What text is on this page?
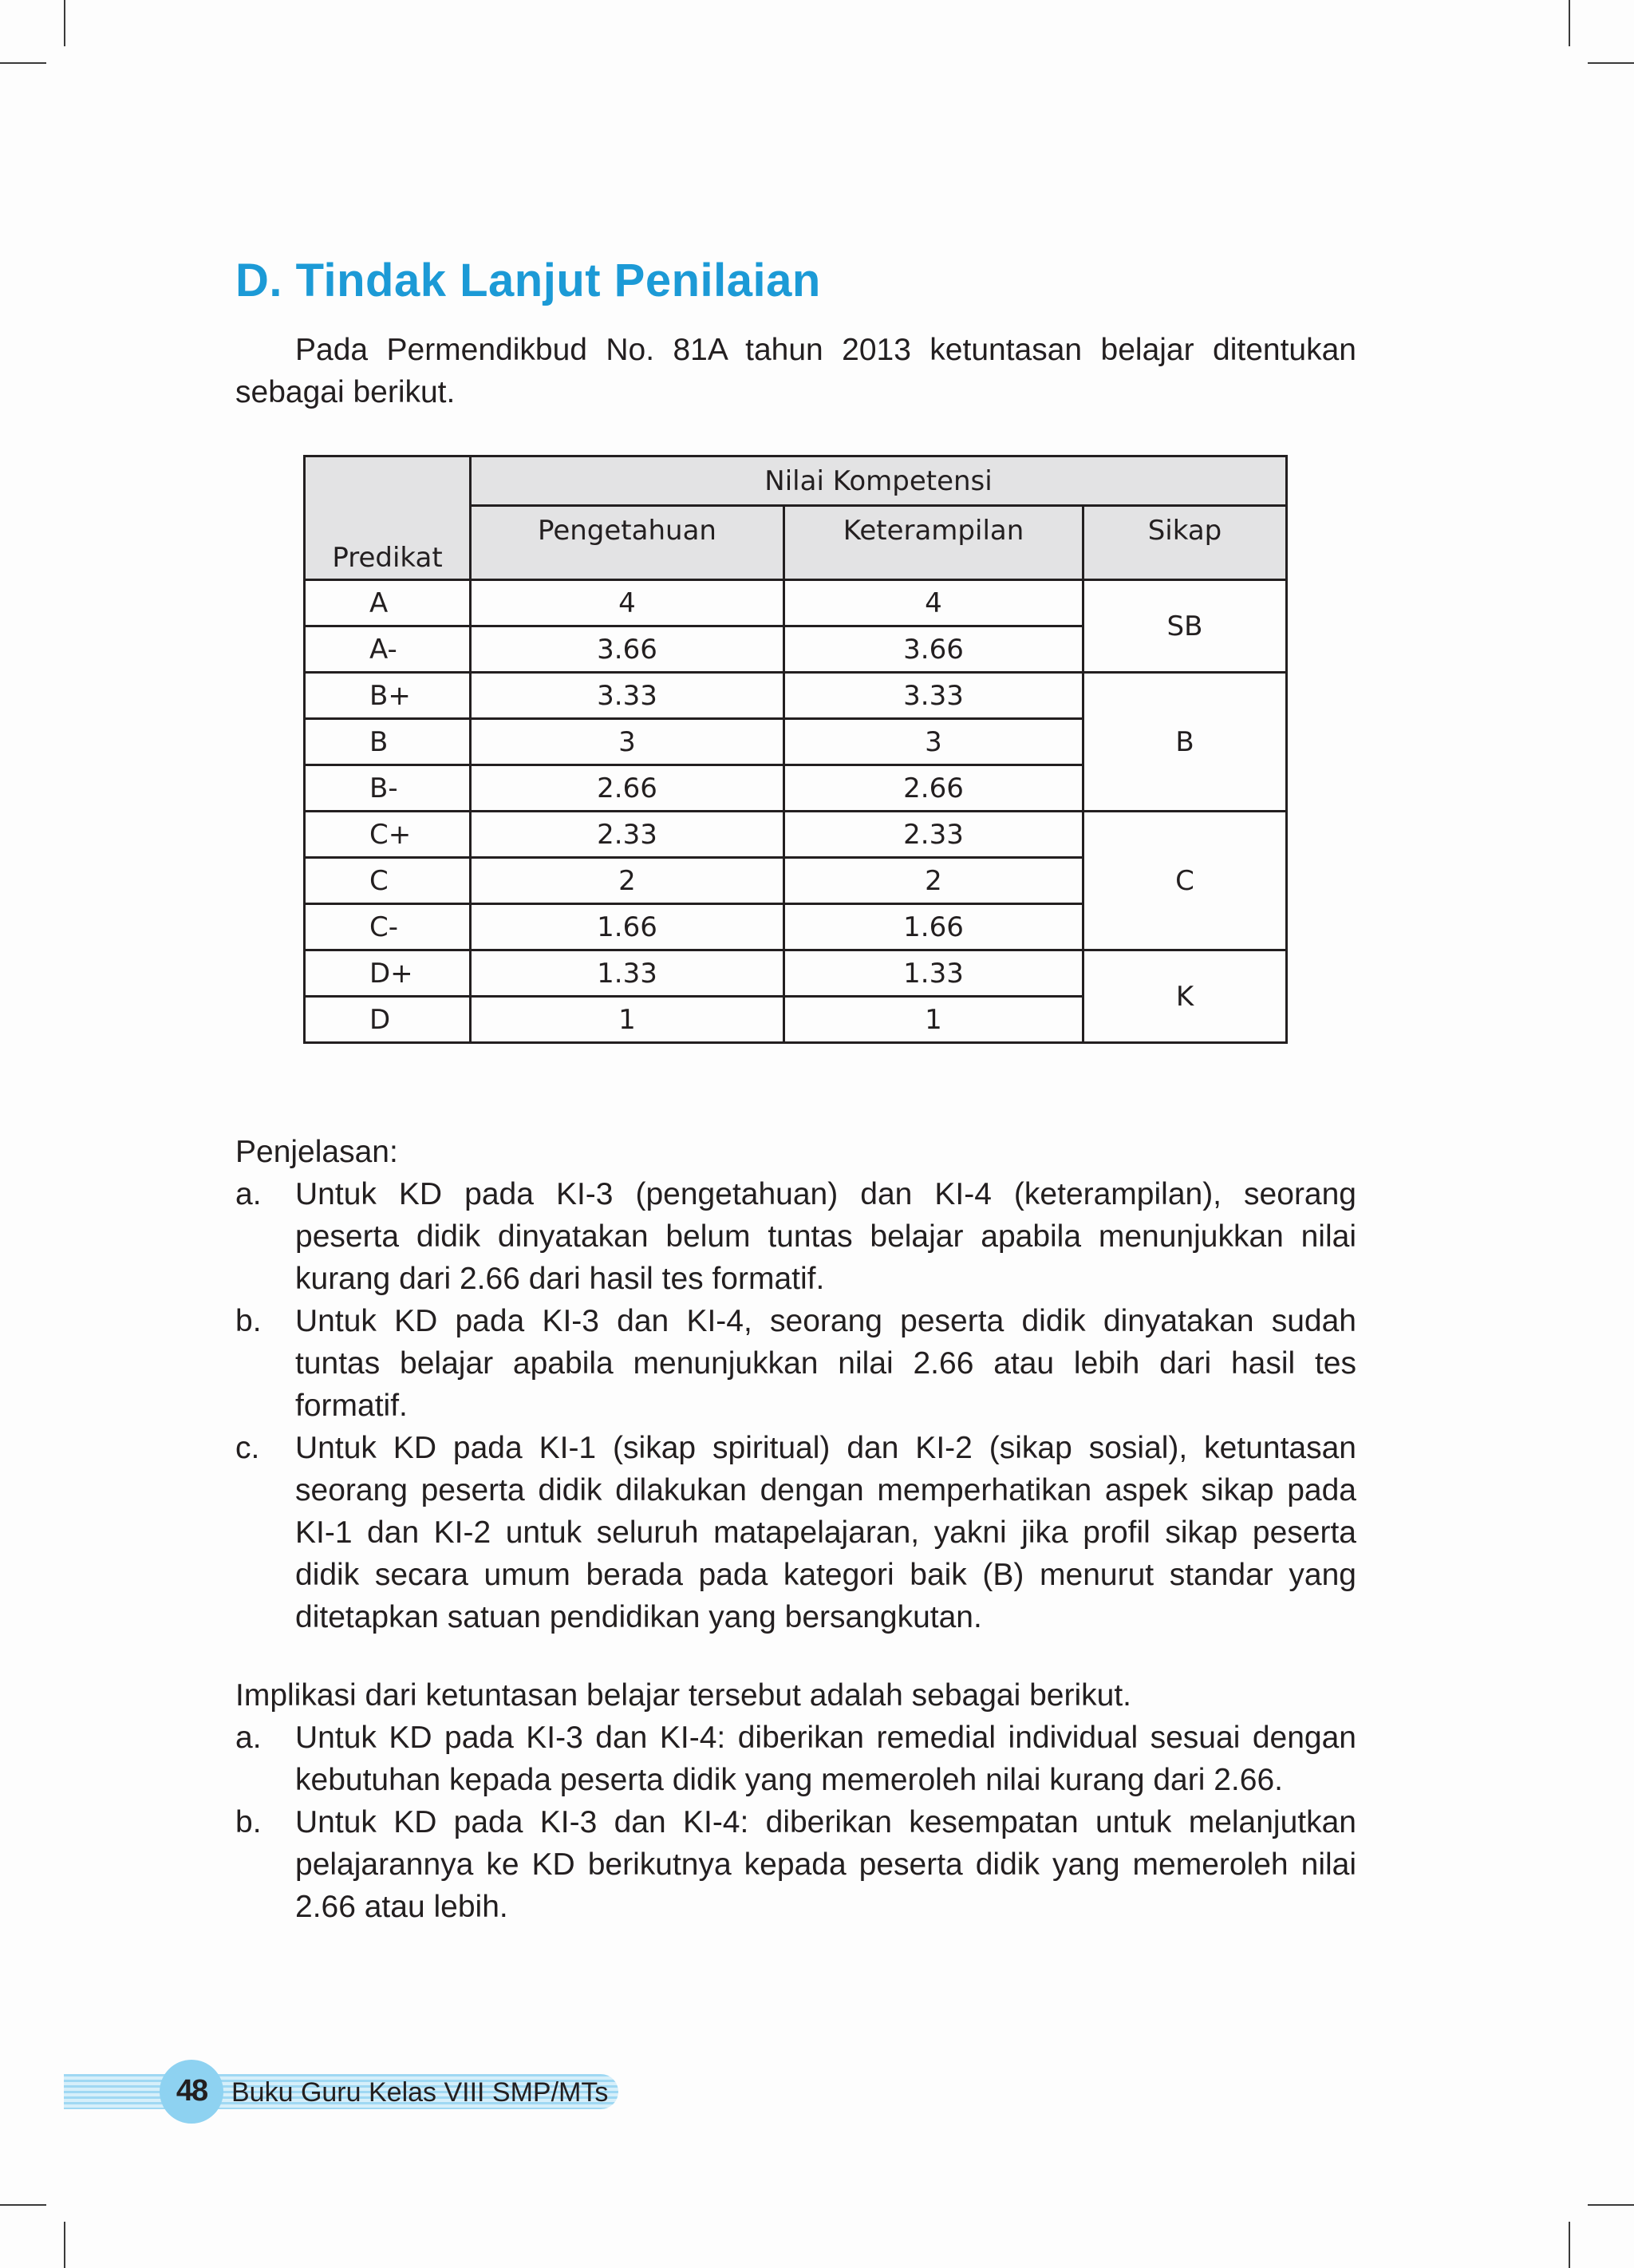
D. Tindak Lanjut Penilaian
Pada Permendikbud No. 81A tahun 2013 ketuntasan belajar ditentukan sebagai berikut.
Predikat	Nilai Kompetensi		
	Pengetahuan	Keterampilan	Sikap
A	4	4	SB
A-	3.66	3.66	
B+	3.33	3.33	B
B	3	3	
B-	2.66	2.66	
C+	2.33	2.33	C
C	2	2	
C-	1.66	1.66	
D+	1.33	1.33	K
D	1	1	
Penjelasan:
a. Untuk KD pada KI-3 (pengetahuan) dan KI-4 (keterampilan), seorang peserta didik dinyatakan belum tuntas belajar apabila menunjukkan nilai kurang dari 2.66 dari hasil tes formatif.
b. Untuk KD pada KI-3 dan KI-4, seorang peserta didik dinyatakan sudah tuntas belajar apabila menunjukkan nilai 2.66 atau lebih dari hasil tes formatif.
c. Untuk KD pada KI-1 (sikap spiritual) dan KI-2 (sikap sosial), ketuntasan seorang peserta didik dilakukan dengan memperhatikan aspek sikap pada KI-1 dan KI-2 untuk seluruh matapelajaran, yakni jika profil sikap peserta didik secara umum berada pada kategori baik (B) menurut standar yang ditetapkan satuan pendidikan yang bersangkutan.
Implikasi dari ketuntasan belajar tersebut adalah sebagai berikut.
a. Untuk KD pada KI-3 dan KI-4: diberikan remedial individual sesuai dengan kebutuhan kepada peserta didik yang memeroleh nilai kurang dari 2.66.
b. Untuk KD pada KI-3 dan KI-4: diberikan kesempatan untuk melanjutkan pelajarannya ke KD berikutnya kepada peserta didik yang memeroleh nilai 2.66 atau lebih.
48 Buku Guru Kelas VIII SMP/MTs
